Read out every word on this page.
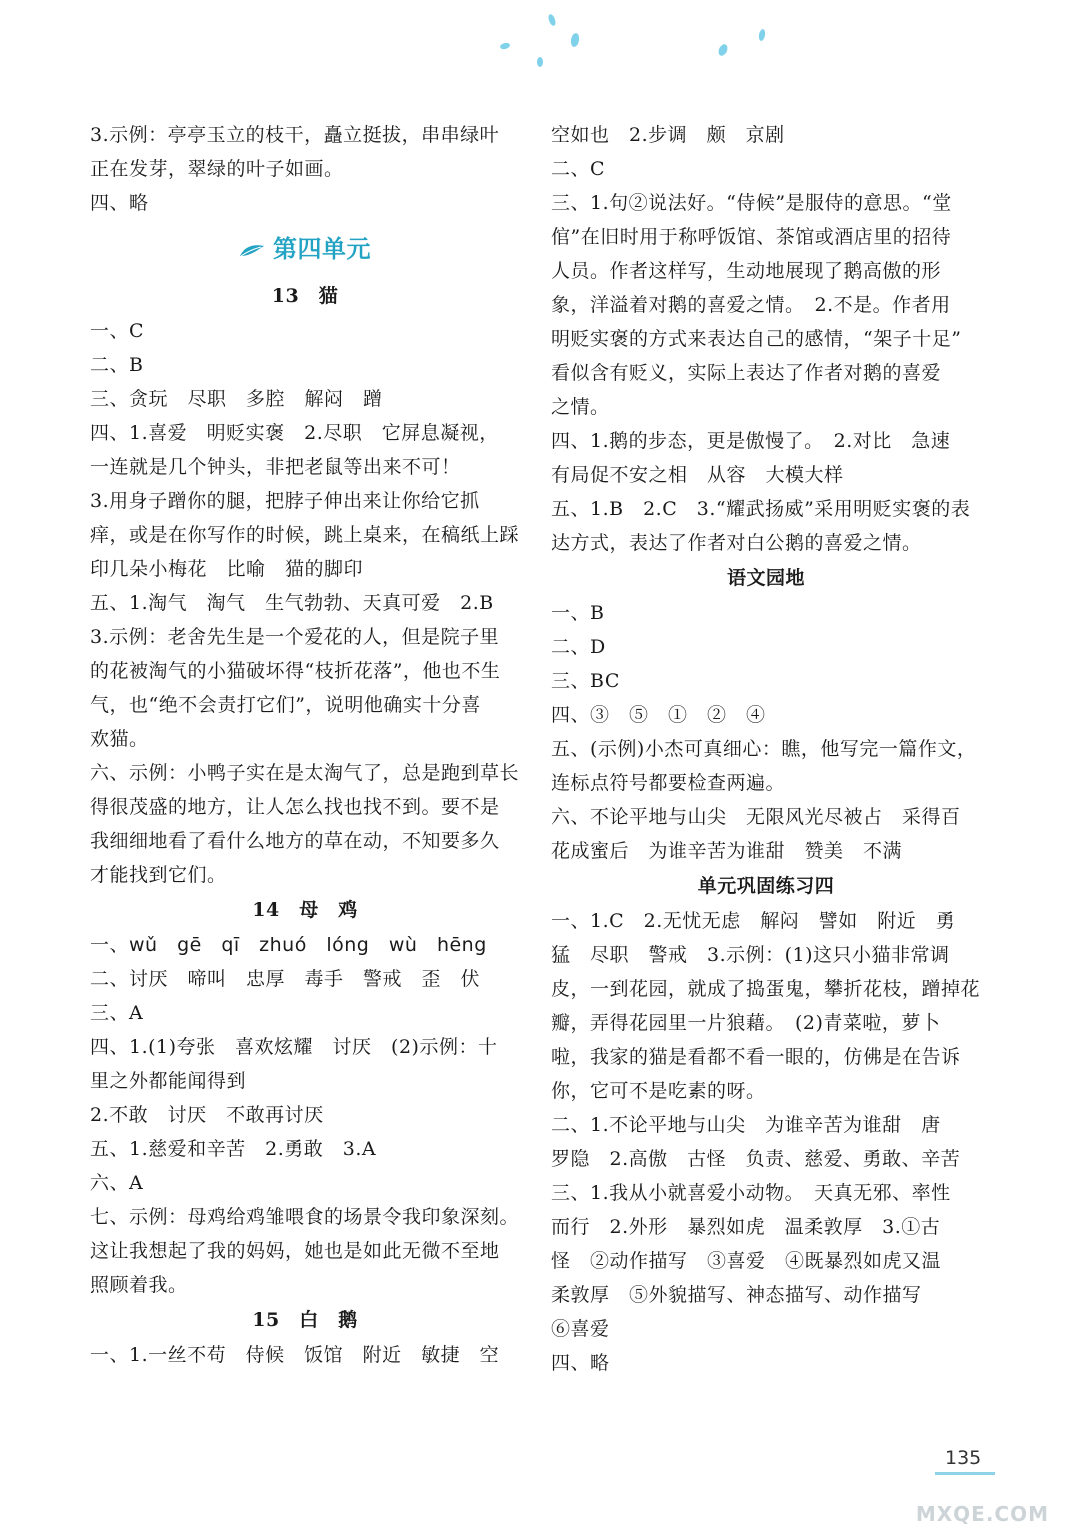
3.示例：亭亭玉立的枝干，矗立挺拔，串串绿叶
正在发芽，翠绿的叶子如画。
四、略
第四单元
13　猫
一、C
二、B
三、贪玩　尽职　多腔　解闷　蹭
四、1.喜爱　明贬实褒　2.尽职　它屏息凝视，
一连就是几个钟头，非把老鼠等出来不可！
3.用身子蹭你的腿，把脖子伸出来让你给它抓
痒，或是在你写作的时候，跳上桌来，在稿纸上踩
印几朵小梅花　比喻　猫的脚印
五、1.淘气　淘气　生气勃勃、天真可爱　2.B
3.示例：老舍先生是一个爱花的人，但是院子里
的花被淘气的小猫破坏得“枝折花落”，他也不生
气，也“绝不会责打它们”，说明他确实十分喜
欢猫。
六、示例：小鸭子实在是太淘气了，总是跑到草长
得很茂盛的地方，让人怎么找也找不到。要不是
我细细地看了看什么地方的草在动，不知要多久
才能找到它们。
14　母　鸡
一、wǔ　gē　qī　zhuó　lóng　wù　hēng
二、讨厌　啼叫　忠厚　毒手　警戒　歪　伏
三、A
四、1.(1)夸张　喜欢炫耀　讨厌　(2)示例：十
里之外都能闻得到
2.不敢　讨厌　不敢再讨厌
五、1.慈爱和辛苦　2.勇敢　3.A
六、A
七、示例：母鸡给鸡雏喂食的场景令我印象深刻。
这让我想起了我的妈妈，她也是如此无微不至地
照顾着我。
15　白　鹅
一、1.一丝不苟　侍候　饭馆　附近　敏捷　空
空如也　2.步调　颇　京剧
二、C
三、1.句②说法好。“侍候”是服侍的意思。“堂
倌”在旧时用于称呼饭馆、茶馆或酒店里的招待
人员。作者这样写，生动地展现了鹅高傲的形
象，洋溢着对鹅的喜爱之情。　2.不是。作者用
明贬实褒的方式来表达自己的感情，“架子十足”
看似含有贬义，实际上表达了作者对鹅的喜爱
之情。
四、1.鹅的步态，更是傲慢了。　2.对比　急速
有局促不安之相　从容　大模大样
五、1.B　2.C　3.“耀武扬威”采用明贬实褒的表
达方式，表达了作者对白公鹅的喜爱之情。
语文园地
一、B
二、D
三、BC
四、③　⑤　①　②　④
五、(示例)小杰可真细心：瞧，他写完一篇作文，
连标点符号都要检查两遍。
六、不论平地与山尖　无限风光尽被占　采得百
花成蜜后　为谁辛苦为谁甜　赞美　不满
单元巩固练习四
一、1.C　2.无忧无虑　解闷　譬如　附近　勇
猛　尽职　警戒　3.示例：(1)这只小猫非常调
皮，一到花园，就成了捣蛋鬼，攀折花枝，蹭掉花
瓣，弄得花园里一片狼藉。　(2)青菜啦，萝卜
啦，我家的猫是看都不看一眼的，仿佛是在告诉
你，它可不是吃素的呀。
二、1.不论平地与山尖　为谁辛苦为谁甜　唐
罗隐　2.高傲　古怪　负责、慈爱、勇敢、辛苦
三、1.我从小就喜爱小动物。　天真无邪、率性
而行　2.外形　暴烈如虎　温柔敦厚　3.①古
怪　②动作描写　③喜爱　④既暴烈如虎又温
柔敦厚　⑤外貌描写、神态描写、动作描写
⑥喜爱
四、略
135
MXQE.COM
